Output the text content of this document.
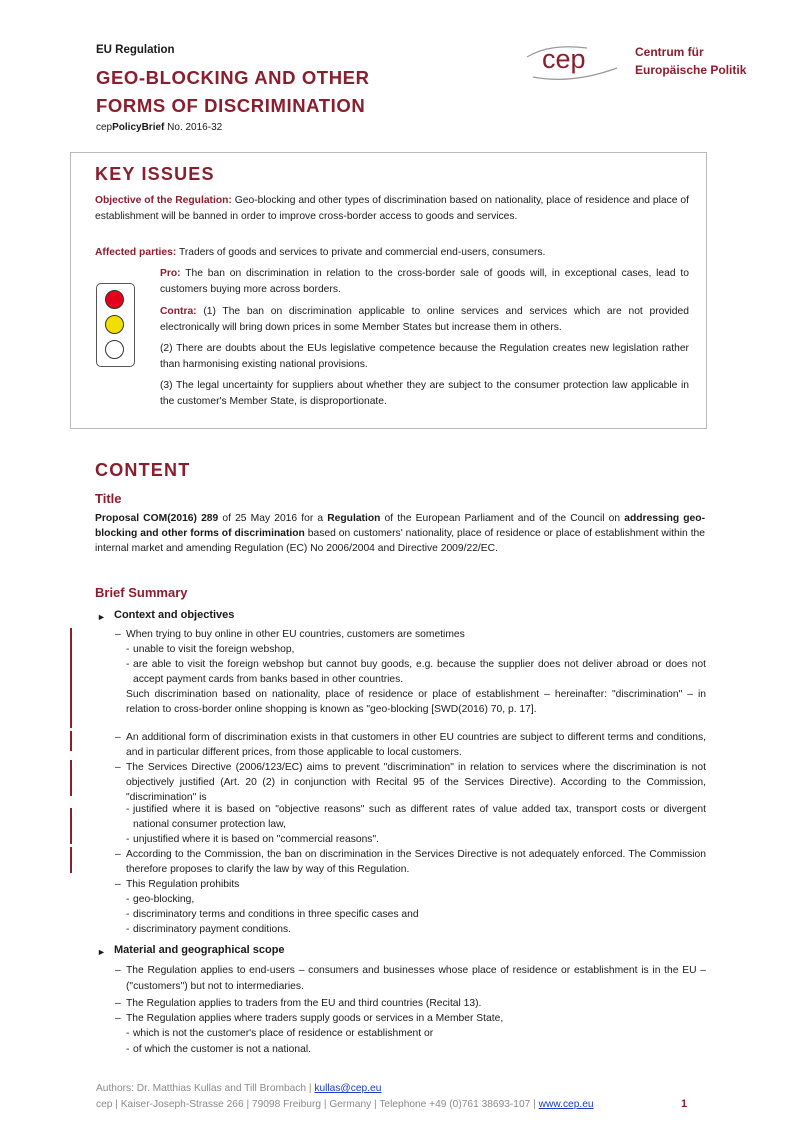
EU Regulation
GEO-BLOCKING AND OTHER
FORMS OF DISCRIMINATION
cepPolicyBrief No. 2016-32
cep	Centrum für
Europäische Politik
KEY ISSUES
Objective of the Regulation: Geo-blocking and other types of discrimination based on nationality, place of residence and place of establishment will be banned in order to improve cross-border access to goods and services.
Affected parties: Traders of goods and services to private and commercial end-users, consumers.
Pro: The ban on discrimination in relation to the cross-border sale of goods will, in exceptional cases, lead to customers buying more across borders.
Contra: (1) The ban on discrimination applicable to online services and services which are not provided electronically will bring down prices in some Member States but increase them in others.
(2) There are doubts about the EUs legislative competence because the Regulation creates new legislation rather than harmonising existing national provisions.
(3) The legal uncertainty for suppliers about whether they are subject to the consumer protection law applicable in the customer's Member State, is disproportionate.
CONTENT
Title
Proposal COM(2016) 289 of 25 May 2016 for a Regulation of the European Parliament and of the Council on addressing geo-blocking and other forms of discrimination based on customers' nationality, place of residence or place of establishment within the internal market and amending Regulation (EC) No 2006/2004 and Directive 2009/22/EC.
Brief Summary
► Context and objectives
– When trying to buy online in other EU countries, customers are sometimes
- unable to visit the foreign webshop,
- are able to visit the foreign webshop but cannot buy goods, e.g. because the supplier does not deliver abroad or does not accept payment cards from banks based in other countries.
Such discrimination based on nationality, place of residence or place of establishment – hereinafter: "discrimination" – in relation to cross-border online shopping is known as "geo-blocking [SWD(2016) 70, p. 17].
– An additional form of discrimination exists in that customers in other EU countries are subject to different terms and conditions, and in particular different prices, from those applicable to local customers.
– The Services Directive (2006/123/EC) aims to prevent "discrimination" in relation to services where the discrimination is not objectively justified (Art. 20 (2) in conjunction with Recital 95 of the Services Directive). According to the Commission, "discrimination" is
- justified where it is based on "objective reasons" such as different rates of value added tax, transport costs or divergent national consumer protection law,
- unjustified where it is based on "commercial reasons".
– According to the Commission, the ban on discrimination in the Services Directive is not adequately enforced. The Commission therefore proposes to clarify the law by way of this Regulation.
– This Regulation prohibits
- geo-blocking,
- discriminatory terms and conditions in three specific cases and
- discriminatory payment conditions.
► Material and geographical scope
– The Regulation applies to end-users – consumers and businesses whose place of residence or establishment is in the EU – ("customers") but not to intermediaries.
– The Regulation applies to traders from the EU and third countries (Recital 13).
– The Regulation applies where traders supply goods or services in a Member State,
- which is not the customer's place of residence or establishment or
- of which the customer is not a national.
Authors: Dr. Matthias Kullas and Till Brombach | kullas@cep.eu
cep | Kaiser-Joseph-Strasse 266 | 79098 Freiburg | Germany | Telephone +49 (0)761 38693-107 | www.cep.eu	1
